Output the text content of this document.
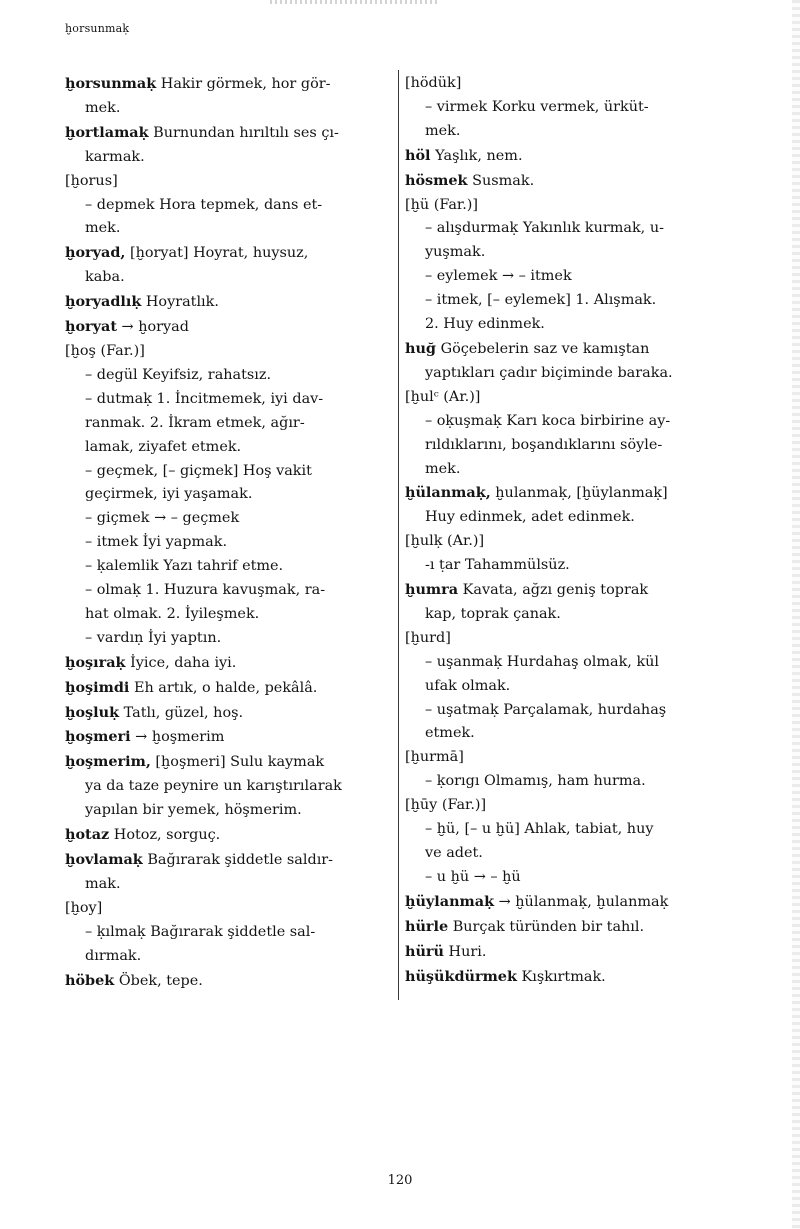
ḫorsunmaḳ
ḫorsunmaḳ Hakir görmek, hor gör-
mek.
ḫortlamaḳ Burnundan hırıltılı ses çı-
karmak.
[ḫorus]
– depmek Hora tepmek, dans et-
mek.
ḫoryad, [ḫoryat] Hoyrat, huysuz,
kaba.
ḫoryadlıḳ Hoyratlık.
ḫoryat → ḫoryad
[ḫoş (Far.)]
– degül Keyifsiz, rahatsız.
– dutmaḳ 1. İncitmemek, iyi dav-
ranmak. 2. İkram etmek, ağır-
lamak, ziyafet etmek.
– geçmek, [– giçmek] Hoş vakit
geçirmek, iyi yaşamak.
– giçmek → – geçmek
– itmek İyi yapmak.
– ḳalemlik Yazı tahrif etme.
– olmaḳ 1. Huzura kavuşmak, ra-
hat olmak. 2. İyileşmek.
– vardıṇ İyi yaptın.
ḫoşıraḳ İyice, daha iyi.
ḫoşimdi Eh artık, o halde, pekâlâ.
ḫoşluḳ Tatlı, güzel, hoş.
ḫoşmeri → ḫoşmerim
ḫoşmerim, [ḫoşmeri] Sulu kaymak
ya da taze peynire un karıştırılarak
yapılan bir yemek, höşmerim.
ḫotaz Hotoz, sorguç.
ḫovlamaḳ Bağırarak şiddetle saldır-
mak.
[ḫoy]
– ḳılmaḳ Bağırarak şiddetle sal-
dırmak.
höbek Öbek, tepe.
[hödük]
– virmek Korku vermek, ürküt-
mek.
höl Yaşlık, nem.
hösmek Susmak.
[ḫü (Far.)]
– alışdurmaḳ Yakınlık kurmak, u-
yuşmak.
– eylemek → – itmek
– itmek, [– eylemek] 1. Alışmak.
2. Huy edinmek.
huğ Göçebelerin saz ve kamıştan
yaptıkları çadır biçiminde baraka.
[ḫulᶜ (Ar.)]
– oḳuşmaḳ Karı koca birbirine ay-
rıldıklarını, boşandıklarını söyle-
mek.
ḫülanmaḳ, ḫulanmaḳ, [ḫüylanmaḳ]
Huy edinmek, adet edinmek.
[ḫulḳ (Ar.)]
-ı ṭar Tahammülsüz.
ḫumra Kavata, ağzı geniş toprak
kap, toprak çanak.
[ḫurd]
– uşanmaḳ Hurdahaş olmak, kül
ufak olmak.
– uşatmaḳ Parçalamak, hurdahaş
etmek.
[ḫurmā]
– ḳorıgı Olmamış, ham hurma.
[ḫūy (Far.)]
– ḫü, [– u ḫü] Ahlak, tabiat, huy
ve adet.
– u ḫü → – ḫü
ḫüylanmaḳ → ḫülanmaḳ, ḫulanmaḳ
hürle Burçak türünden bir tahıl.
hürü Huri.
hüşükdürmek Kışkırtmak.
120
